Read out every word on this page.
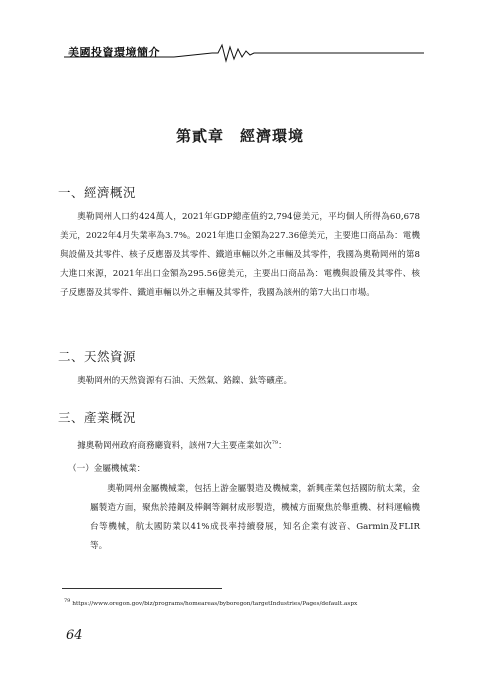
美國投資環境簡介
第貳章　經濟環境
一、經濟概況

奧勒岡州人口約424萬人，2021年GDP總產值約2,794億美元，平均個人所得為60,678美元，2022年4月失業率為3.7%。2021年進口金額為227.36億美元，主要進口商品為：電機與設備及其零件、核子反應器及其零件、鐵道車輛以外之車輛及其零件，我國為奧勒岡州的第8大進口來源，2021年出口金額為295.56億美元，主要出口商品為：電機與設備及其零件、核子反應器及其零件、鐵道車輛以外之車輛及其零件，我國為該州的第7大出口市場。

二、天然資源

奧勒岡州的天然資源有石油、天然氣、鉻鎳、鈦等礦產。

三、產業概況

據奧勒岡州政府商務廳資料，該州7大主要產業如次$^{79}$：

（一）金屬機械業：

奧勒岡州金屬機械業，包括上游金屬製造及機械業，新興產業包括國防航太業，金屬製造方面，聚焦於捲鋼及棒鋼等鋼材成形製造，機械方面聚焦於舉重機、材料運輸機台等機械，航太國防業以41%成長率持續發展，知名企業有波音、Garmin及FLIR等。

$^{79}$ https://www.oregon.gov/biz/programs/homeareas/byboregon/targetIndustries/Pages/default.aspx
64
